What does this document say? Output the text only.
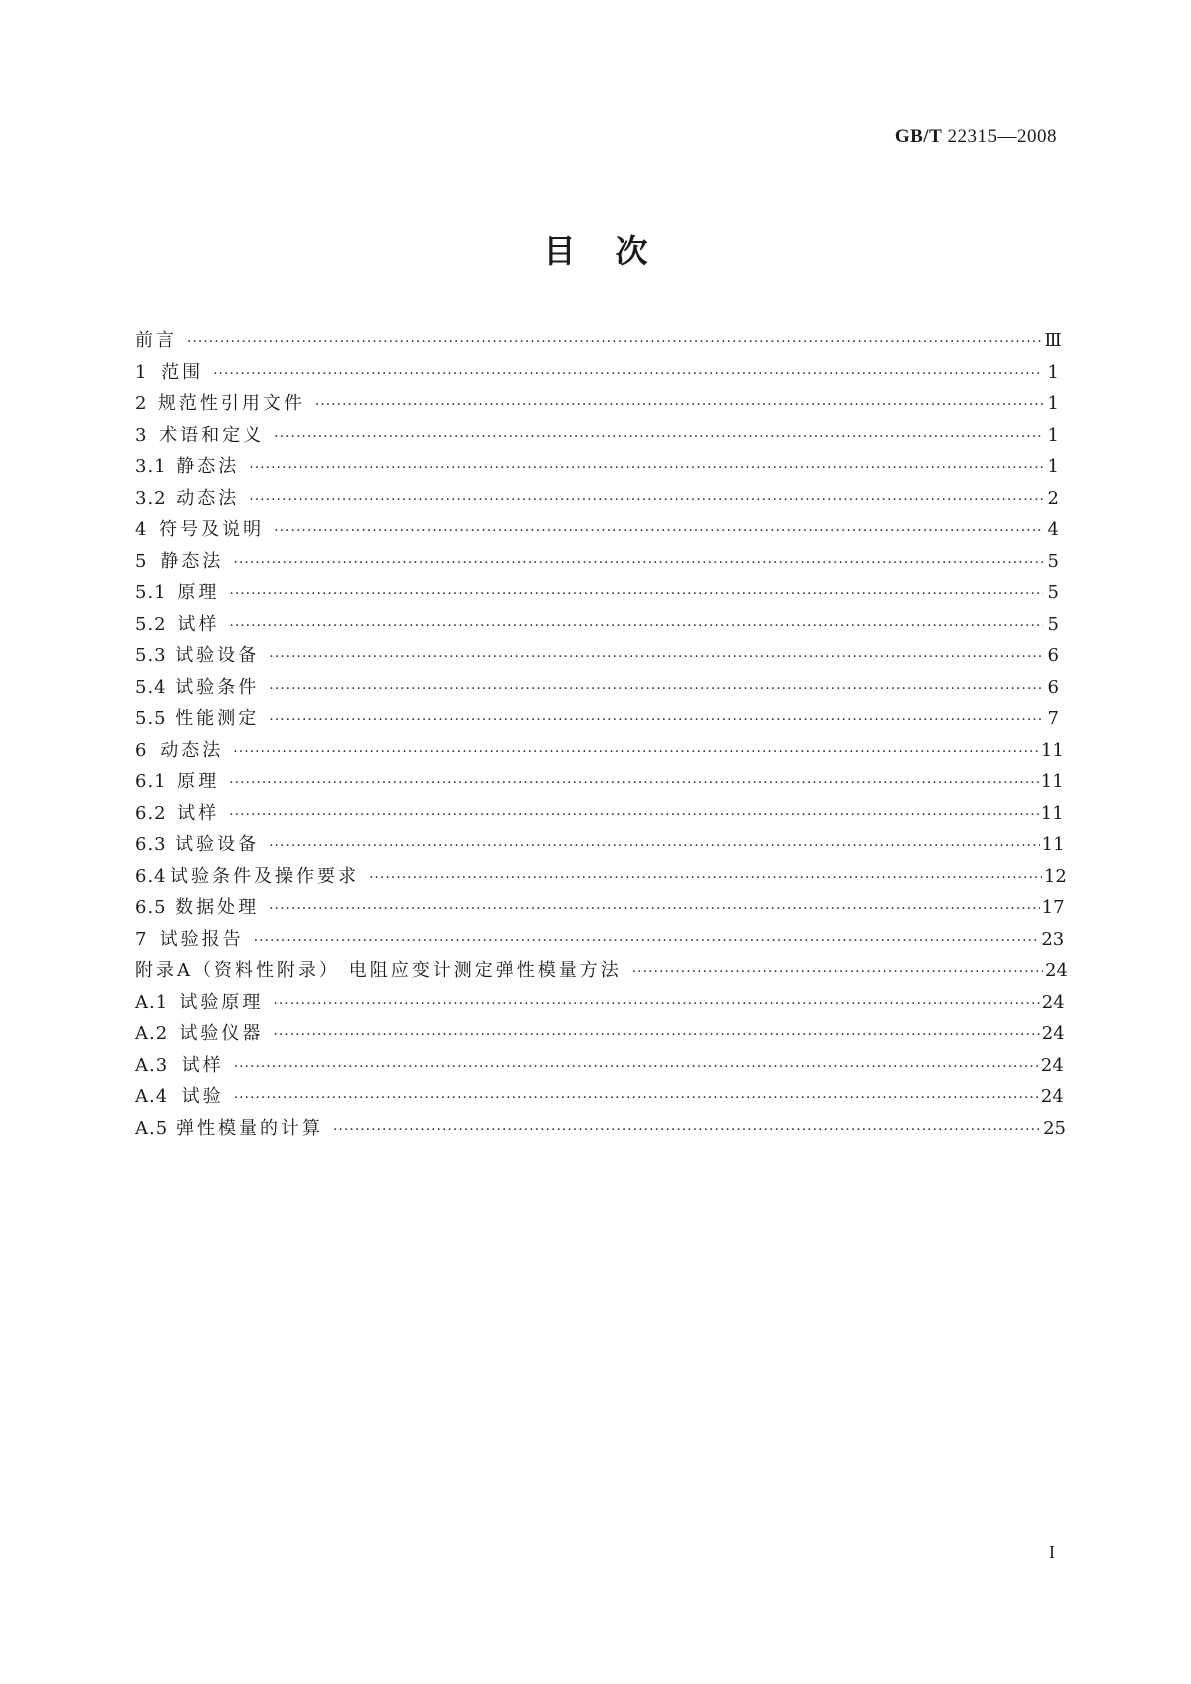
GB/T 22315—2008
目次
前言 ·····	Ⅲ
1 范围 ·····	1
2 规范性引用文件 ·····	1
3 术语和定义 ·····	1
3.1 静态法 ·····	1
3.2 动态法 ·····	2
4 符号及说明 ·····	4
5 静态法 ·····	5
5.1 原理 ·····	5
5.2 试样 ·····	5
5.3 试验设备 ·····	6
5.4 试验条件 ·····	6
5.5 性能测定 ·····	7
6 动态法 ·····	11
6.1 原理 ·····	11
6.2 试样 ·····	11
6.3 试验设备 ·····	11
6.4 试验条件及操作要求 ·····	12
6.5 数据处理 ·····	17
7 试验报告 ·····	23
附录A（资料性附录） 电阻应变计测定弹性模量方法 ·····	24
A.1 试验原理 ·····	24
A.2 试验仪器 ·····	24
A.3 试样 ·····	24
A.4 试验 ·····	24
A.5 弹性模量的计算 ·····	25
I
